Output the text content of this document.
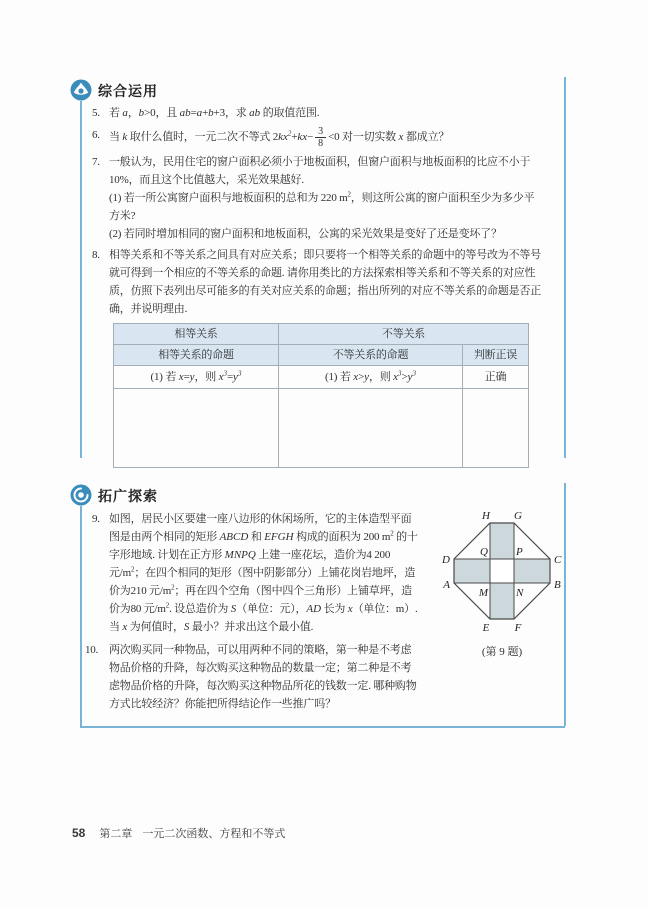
综合运用
5. 若 a，b>0，且 ab=a+b+3，求 ab 的取值范围.
6. 当 k 取什么值时，一元二次不等式 $2kx^2+kx- \frac{3}{8} <0$ 对一切实数 x 都成立？
7. 一般认为，民用住宅的窗户面积必须小于地板面积，但窗户面积与地板面积的比应不小于10%，而且这个比值越大，采光效果越好.
(1) 若一所公寓窗户面积与地板面积的总和为 220 $m^2$，则这所公寓的窗户面积至少为多少平方米?
(2) 若同时增加相同的窗户面积和地板面积，公寓的采光效果是变好了还是变坏了？
8. 相等关系和不等关系之间具有对应关系；即只要将一个相等关系的命题中的等号改为不等号就可得到一个相应的不等关系的命题. 请你用类比的方法探索相等关系和不等关系的对应性质，仿照下表列出尽可能多的有关对应关系的命题；指出所列的对应不等关系的命题是否正确，并说明理由.
相等关系	不等关系	
相等关系的命题	不等关系的命题	判断正误
(1) 若 x=y，则 $x^3=y^3$	(1) 若 x>y，则 $x^3>y^3$	正确

拓广探索
9. 如图，居民小区要建一座八边形的休闲场所，它的主体造型平面图是由两个相同的矩形 ABCD 和 EFGH 构成的面积为 200 $m^2$ 的十字形地域. 计划在正方形 MNPQ 上建一座花坛，造价为4 200元$/m^2$；在四个相同的矩形（图中阴影部分）上铺花岗岩地坪，造价为210 元$/m^2$；再在四个空角（图中四个三角形）上铺草坪，造价为80 元$/m^2$. 设总造价为 S（单位：元），AD 长为 x（单位：m）. 当 x 为何值时，S 最小？并求出这个最小值.
10. 两次购买同一种物品，可以用两种不同的策略，第一种是不考虑物品价格的升降，每次购买这种物品的数量一定；第二种是不考虑物品价格的升降，每次购买这种物品所花的钱数一定. 哪种购物方式比较经济？你能把所得结论作一些推广吗？
H G
D	C
A	B
E F
Q	P
M	N
(第 9 题)
58 第二章 一元二次函数、方程和不等式
